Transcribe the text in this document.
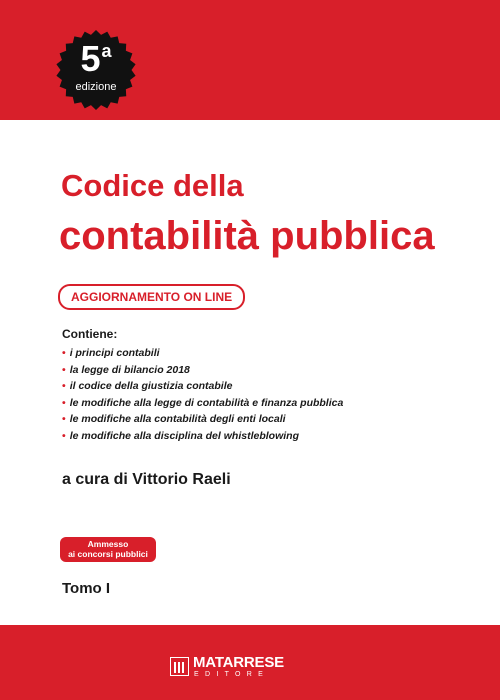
5$^a$
edizione
Codice della
contabilità pubblica
AGGIORNAMENTO ON LINE
Contiene:
• i principi contabili
• la legge di bilancio 2018
• il codice della giustizia contabile
• le modifiche alla legge di contabilità e finanza pubblica
• le modifiche alla contabilità degli enti locali
• le modifiche alla disciplina del whistleblowing
a cura di Vittorio Raeli
Ammesso
ai concorsi pubblici
Tomo I
MATARRESE
EDITORE
